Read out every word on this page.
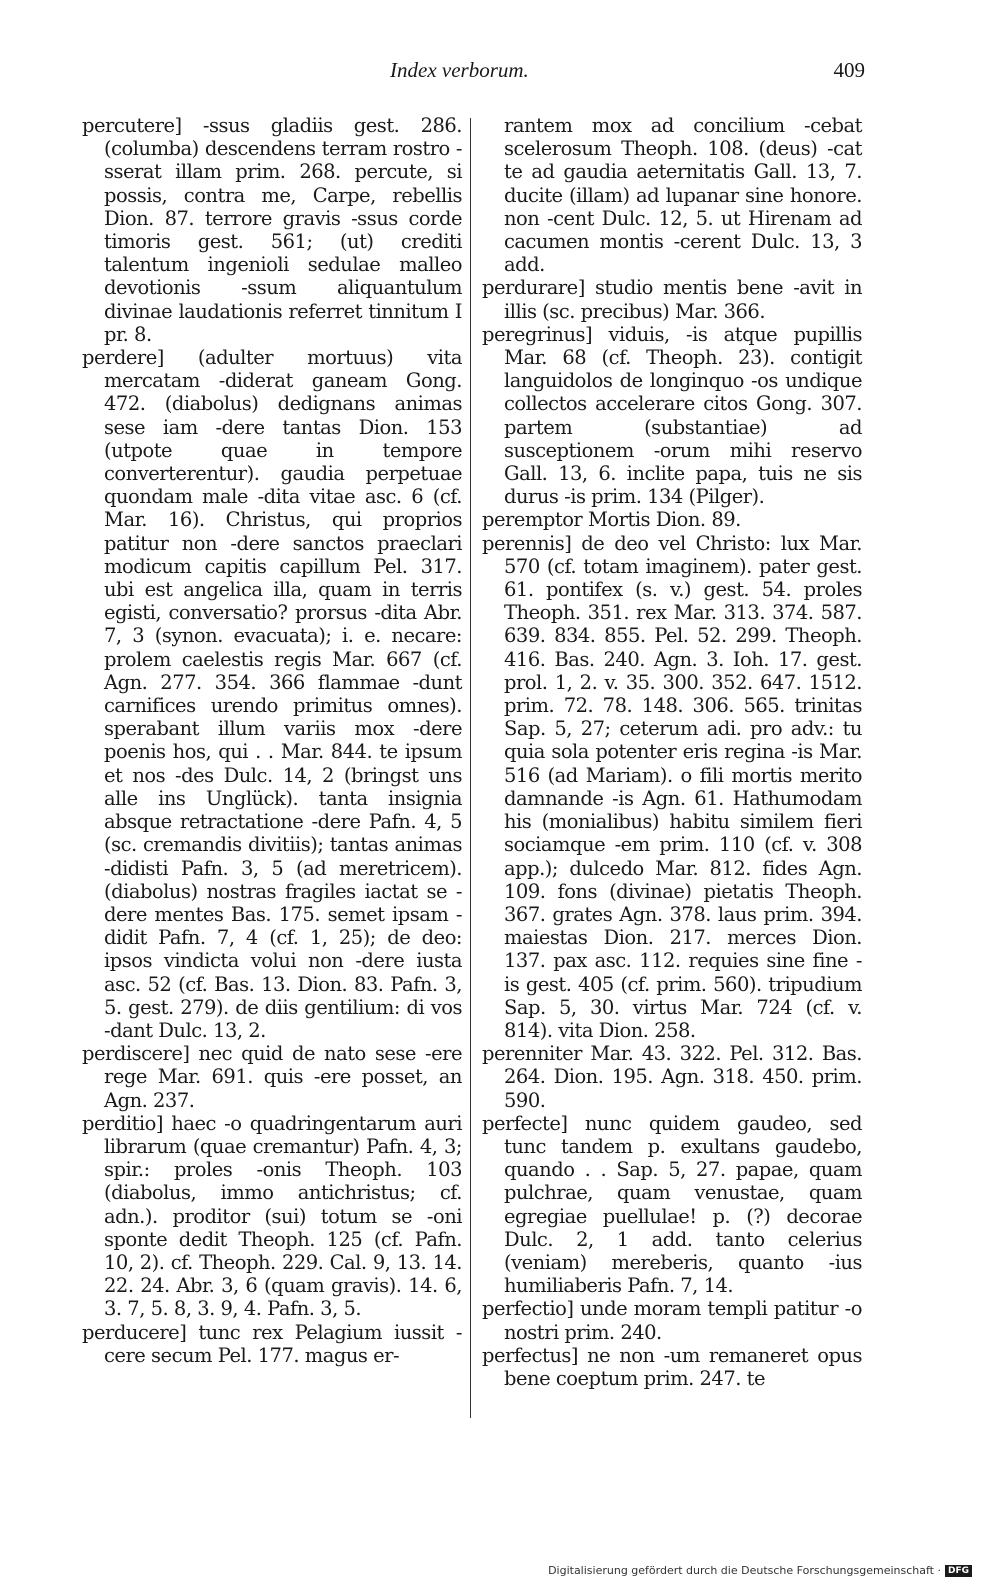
Index verborum.	409

percutere] -ssus gladiis gest. 286. (columba) descendens terram rostro -sserat illam prim. 268. percute, si possis, contra me, Carpe, rebellis Dion. 87. terrore gravis -ssus corde timoris gest. 561; (ut) crediti talentum ingenioli sedulae malleo devotionis -ssum aliquantulum divinae laudationis referret tinnitum I pr. 8.

perdere] (adulter mortuus) vita mercatam -diderat ganeam Gong. 472. (diabolus) dedignans animas sese iam -dere tantas Dion. 153 (utpote quae in tempore converterentur). gaudia perpetuae quondam male -dita vitae asc. 6 (cf. Mar. 16). Christus, qui proprios patitur non -dere sanctos praeclari modicum capitis capillum Pel. 317. ubi est angelica illa, quam in terris egisti, conversatio? prorsus -dita Abr. 7, 3 (synon. evacuata); i. e. necare: prolem caelestis regis Mar. 667 (cf. Agn. 277. 354. 366 flammae -dunt carnifices urendo primitus omnes). sperabant illum variis mox -dere poenis hos, qui . . Mar. 844. te ipsum et nos -des Dulc. 14, 2 (bringst uns alle ins Unglück). tanta insignia absque retractatione -dere Pafn. 4, 5 (sc. cremandis divitiis); tantas animas -didisti Pafn. 3, 5 (ad meretricem). (diabolus) nostras fragiles iactat se -dere mentes Bas. 175. semet ipsam -didit Pafn. 7, 4 (cf. 1, 25); de deo: ipsos vindicta volui non -dere iusta asc. 52 (cf. Bas. 13. Dion. 83. Pafn. 3, 5. gest. 279). de diis gentilium: di vos -dant Dulc. 13, 2.

perdiscere] nec quid de nato sese -ere rege Mar. 691. quis -ere posset, an Agn. 237.

perditio] haec -o quadringentarum auri librarum (quae cremantur) Pafn. 4, 3; spir.: proles -onis Theoph. 103 (diabolus, immo antichristus; cf. adn.). proditor (sui) totum se -oni sponte dedit Theoph. 125 (cf. Pafn. 10, 2). cf. Theoph. 229. Cal. 9, 13. 14. 22. 24. Abr. 3, 6 (quam gravis). 14. 6, 3. 7, 5. 8, 3. 9, 4. Pafn. 3, 5.

perducere] tunc rex Pelagium iussit -cere secum Pel. 177. magus er-

rantem mox ad concilium -cebat scelerosum Theoph. 108. (deus) -cat te ad gaudia aeternitatis Gall. 13, 7. ducite (illam) ad lupanar sine honore. non -cent Dulc. 12, 5. ut Hirenam ad cacumen montis -cerent Dulc. 13, 3 add.

perdurare] studio mentis bene -avit in illis (sc. precibus) Mar. 366.

peregrinus] viduis, -is atque pupillis Mar. 68 (cf. Theoph. 23). contigit languidolos de longinquo -os undique collectos accelerare citos Gong. 307. partem (substantiae) ad susceptionem -orum mihi reservo Gall. 13, 6. inclite papa, tuis ne sis durus -is prim. 134 (Pilger).

peremptor Mortis Dion. 89.

perennis] de deo vel Christo: lux Mar. 570 (cf. totam imaginem). pater gest. 61. pontifex (s. v.) gest. 54. proles Theoph. 351. rex Mar. 313. 374. 587. 639. 834. 855. Pel. 52. 299. Theoph. 416. Bas. 240. Agn. 3. Ioh. 17. gest. prol. 1, 2. v. 35. 300. 352. 647. 1512. prim. 72. 78. 148. 306. 565. trinitas Sap. 5, 27; ceterum adi. pro adv.: tu quia sola potenter eris regina -is Mar. 516 (ad Mariam). o fili mortis merito damnande -is Agn. 61. Hathumodam his (monialibus) habitu similem fieri sociamque -em prim. 110 (cf. v. 308 app.); dulcedo Mar. 812. fides Agn. 109. fons (divinae) pietatis Theoph. 367. grates Agn. 378. laus prim. 394. maiestas Dion. 217. merces Dion. 137. pax asc. 112. requies sine fine -is gest. 405 (cf. prim. 560). tripudium Sap. 5, 30. virtus Mar. 724 (cf. v. 814). vita Dion. 258.

perenniter Mar. 43. 322. Pel. 312. Bas. 264. Dion. 195. Agn. 318. 450. prim. 590.

perfecte] nunc quidem gaudeo, sed tunc tandem p. exultans gaudebo, quando . . Sap. 5, 27. papae, quam pulchrae, quam venustae, quam egregiae puellulae! p. (?) decorae Dulc. 2, 1 add. tanto celerius (veniam) mereberis, quanto -ius humiliaberis Pafn. 7, 14.

perfectio] unde moram templi patitur -o nostri prim. 240.

perfectus] ne non -um remaneret opus bene coeptum prim. 247. te

Digitalisierung gefördert durch die Deutsche Forschungsgemeinschaft · DFG
